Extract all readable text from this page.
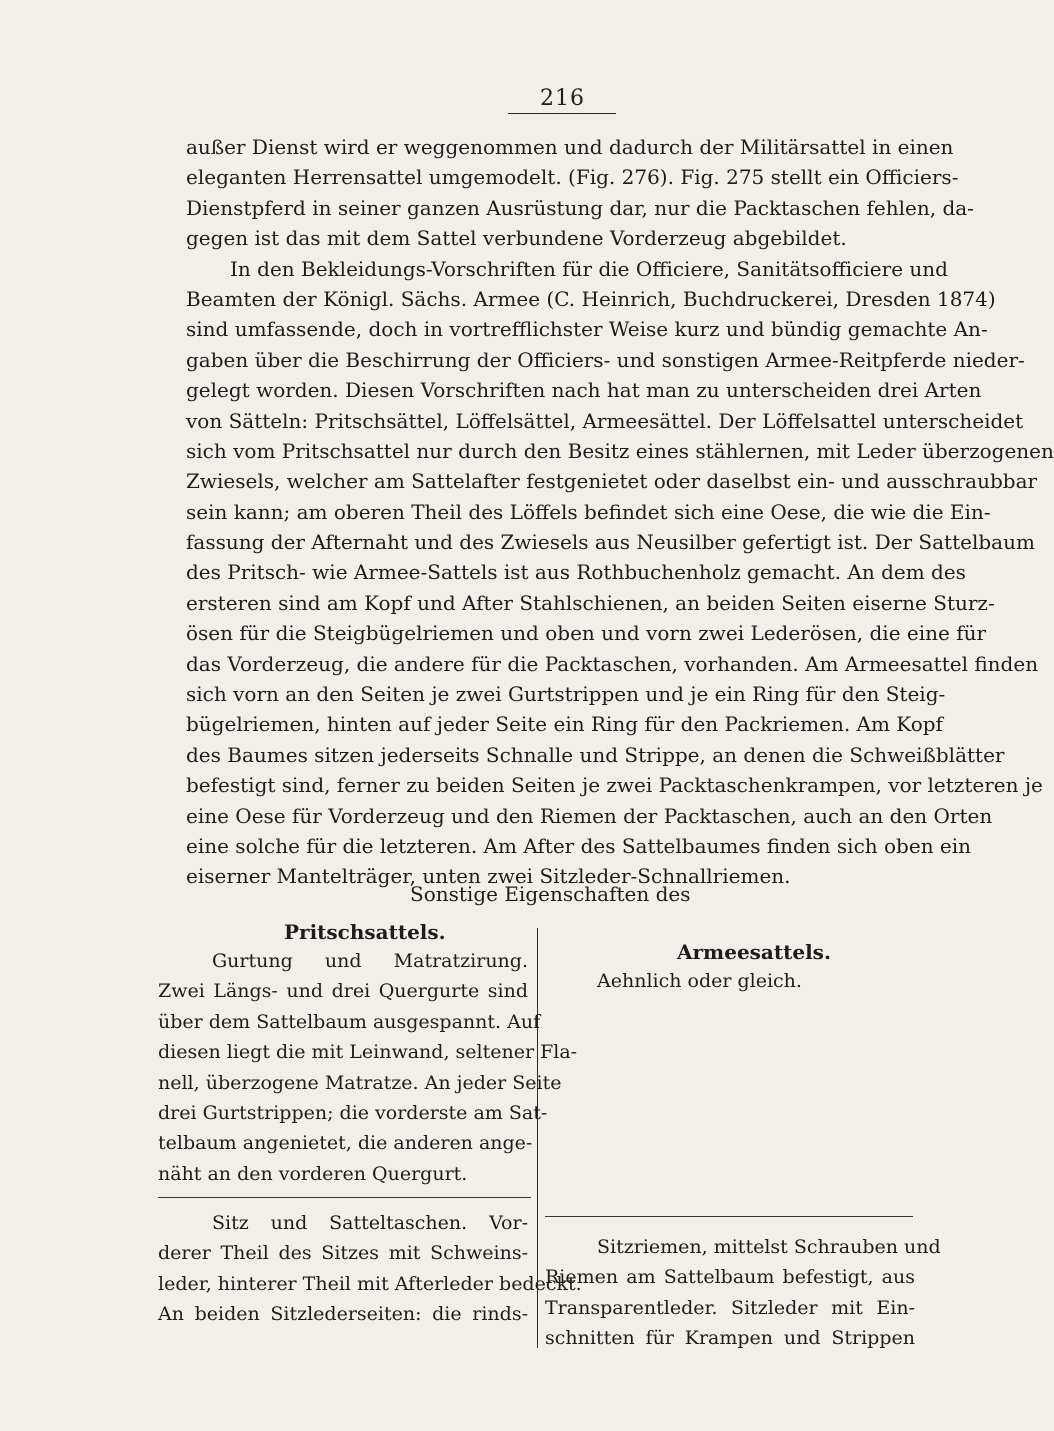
216
außer Dienst wird er weggenommen und dadurch der Militärsattel in einen
eleganten Herrensattel umgemodelt. (Fig. 276). Fig. 275 stellt ein Officiers-
Dienstpferd in seiner ganzen Ausrüstung dar, nur die Packtaschen fehlen, da-
gegen ist das mit dem Sattel verbundene Vorderzeug abgebildet.
In den Bekleidungs-Vorschriften für die Officiere, Sanitätsofficiere und
Beamten der Königl. Sächs. Armee (C. Heinrich, Buchdruckerei, Dresden 1874)
sind umfassende, doch in vortrefflichster Weise kurz und bündig gemachte An-
gaben über die Beschirrung der Officiers- und sonstigen Armee-Reitpferde nieder-
gelegt worden. Diesen Vorschriften nach hat man zu unterscheiden drei Arten
von Sätteln: Pritschsättel, Löffelsättel, Armeesättel. Der Löffelsattel unterscheidet
sich vom Pritschsattel nur durch den Besitz eines stählernen, mit Leder überzogenen
Zwiesels, welcher am Sattelafter festgenietet oder daselbst ein- und ausschraubbar
sein kann; am oberen Theil des Löffels befindet sich eine Oese, die wie die Ein-
fassung der Afternaht und des Zwiesels aus Neusilber gefertigt ist. Der Sattelbaum
des Pritsch- wie Armee-Sattels ist aus Rothbuchenholz gemacht. An dem des
ersteren sind am Kopf und After Stahlschienen, an beiden Seiten eiserne Sturz-
ösen für die Steigbügelriemen und oben und vorn zwei Lederösen, die eine für
das Vorderzeug, die andere für die Packtaschen, vorhanden. Am Armeesattel finden
sich vorn an den Seiten je zwei Gurtstrippen und je ein Ring für den Steig-
bügelriemen, hinten auf jeder Seite ein Ring für den Packriemen. Am Kopf
des Baumes sitzen jederseits Schnalle und Strippe, an denen die Schweißblätter
befestigt sind, ferner zu beiden Seiten je zwei Packtaschenkrampen, vor letzteren je
eine Oese für Vorderzeug und den Riemen der Packtaschen, auch an den Orten
eine solche für die letzteren. Am After des Sattelbaumes finden sich oben ein
eiserner Mantelträger, unten zwei Sitzleder-Schnallriemen.
Sonstige Eigenschaften des
Pritschsattels.
Gurtung und Matratzirung.
Zwei Längs- und drei Quergurte sind
über dem Sattelbaum ausgespannt. Auf
diesen liegt die mit Leinwand, seltener Fla-
nell, überzogene Matratze. An jeder Seite
drei Gurtstrippen; die vorderste am Sat-
telbaum angenietet, die anderen ange-
näht an den vorderen Quergurt.
Armeesattels.
Aehnlich oder gleich.
Sitz und Satteltaschen. Vor-
derer Theil des Sitzes mit Schweins-
leder, hinterer Theil mit Afterleder bedeckt.
An beiden Sitzlederseiten: die rinds-
Sitzriemen, mittelst Schrauben und
Riemen am Sattelbaum befestigt, aus
Transparentleder. Sitzleder mit Ein-
schnitten für Krampen und Strippen
